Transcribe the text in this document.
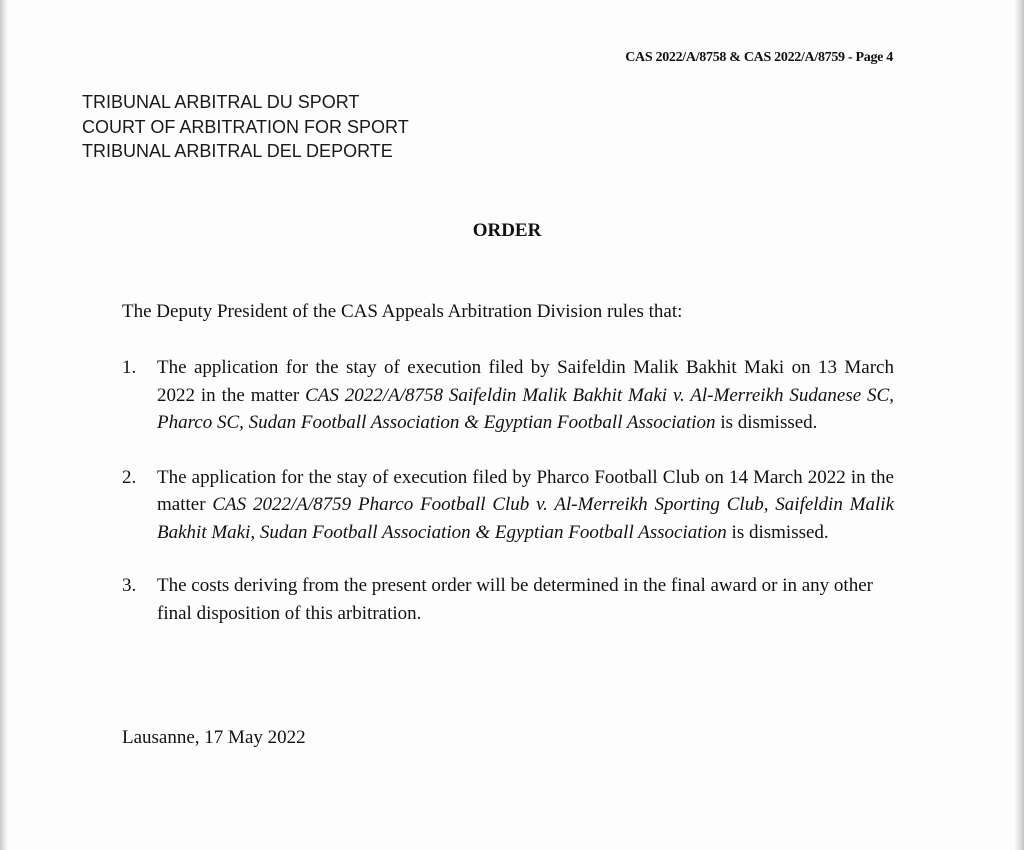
CAS 2022/A/8758 & CAS 2022/A/8759 - Page 4
TRIBUNAL ARBITRAL DU SPORT
COURT OF ARBITRATION FOR SPORT
TRIBUNAL ARBITRAL DEL DEPORTE
ORDER
The Deputy President of the CAS Appeals Arbitration Division rules that:
1.	The application for the stay of execution filed by Saifeldin Malik Bakhit Maki on 13 March 2022 in the matter CAS 2022/A/8758 Saifeldin Malik Bakhit Maki v. Al-Merreikh Sudanese SC, Pharco SC, Sudan Football Association & Egyptian Football Association is dismissed.
2.	The application for the stay of execution filed by Pharco Football Club on 14 March 2022 in the matter CAS 2022/A/8759 Pharco Football Club v. Al-Merreikh Sporting Club, Saifeldin Malik Bakhit Maki, Sudan Football Association & Egyptian Football Association is dismissed.
3.	The costs deriving from the present order will be determined in the final award or in any other final disposition of this arbitration.
Lausanne, 17 May 2022
